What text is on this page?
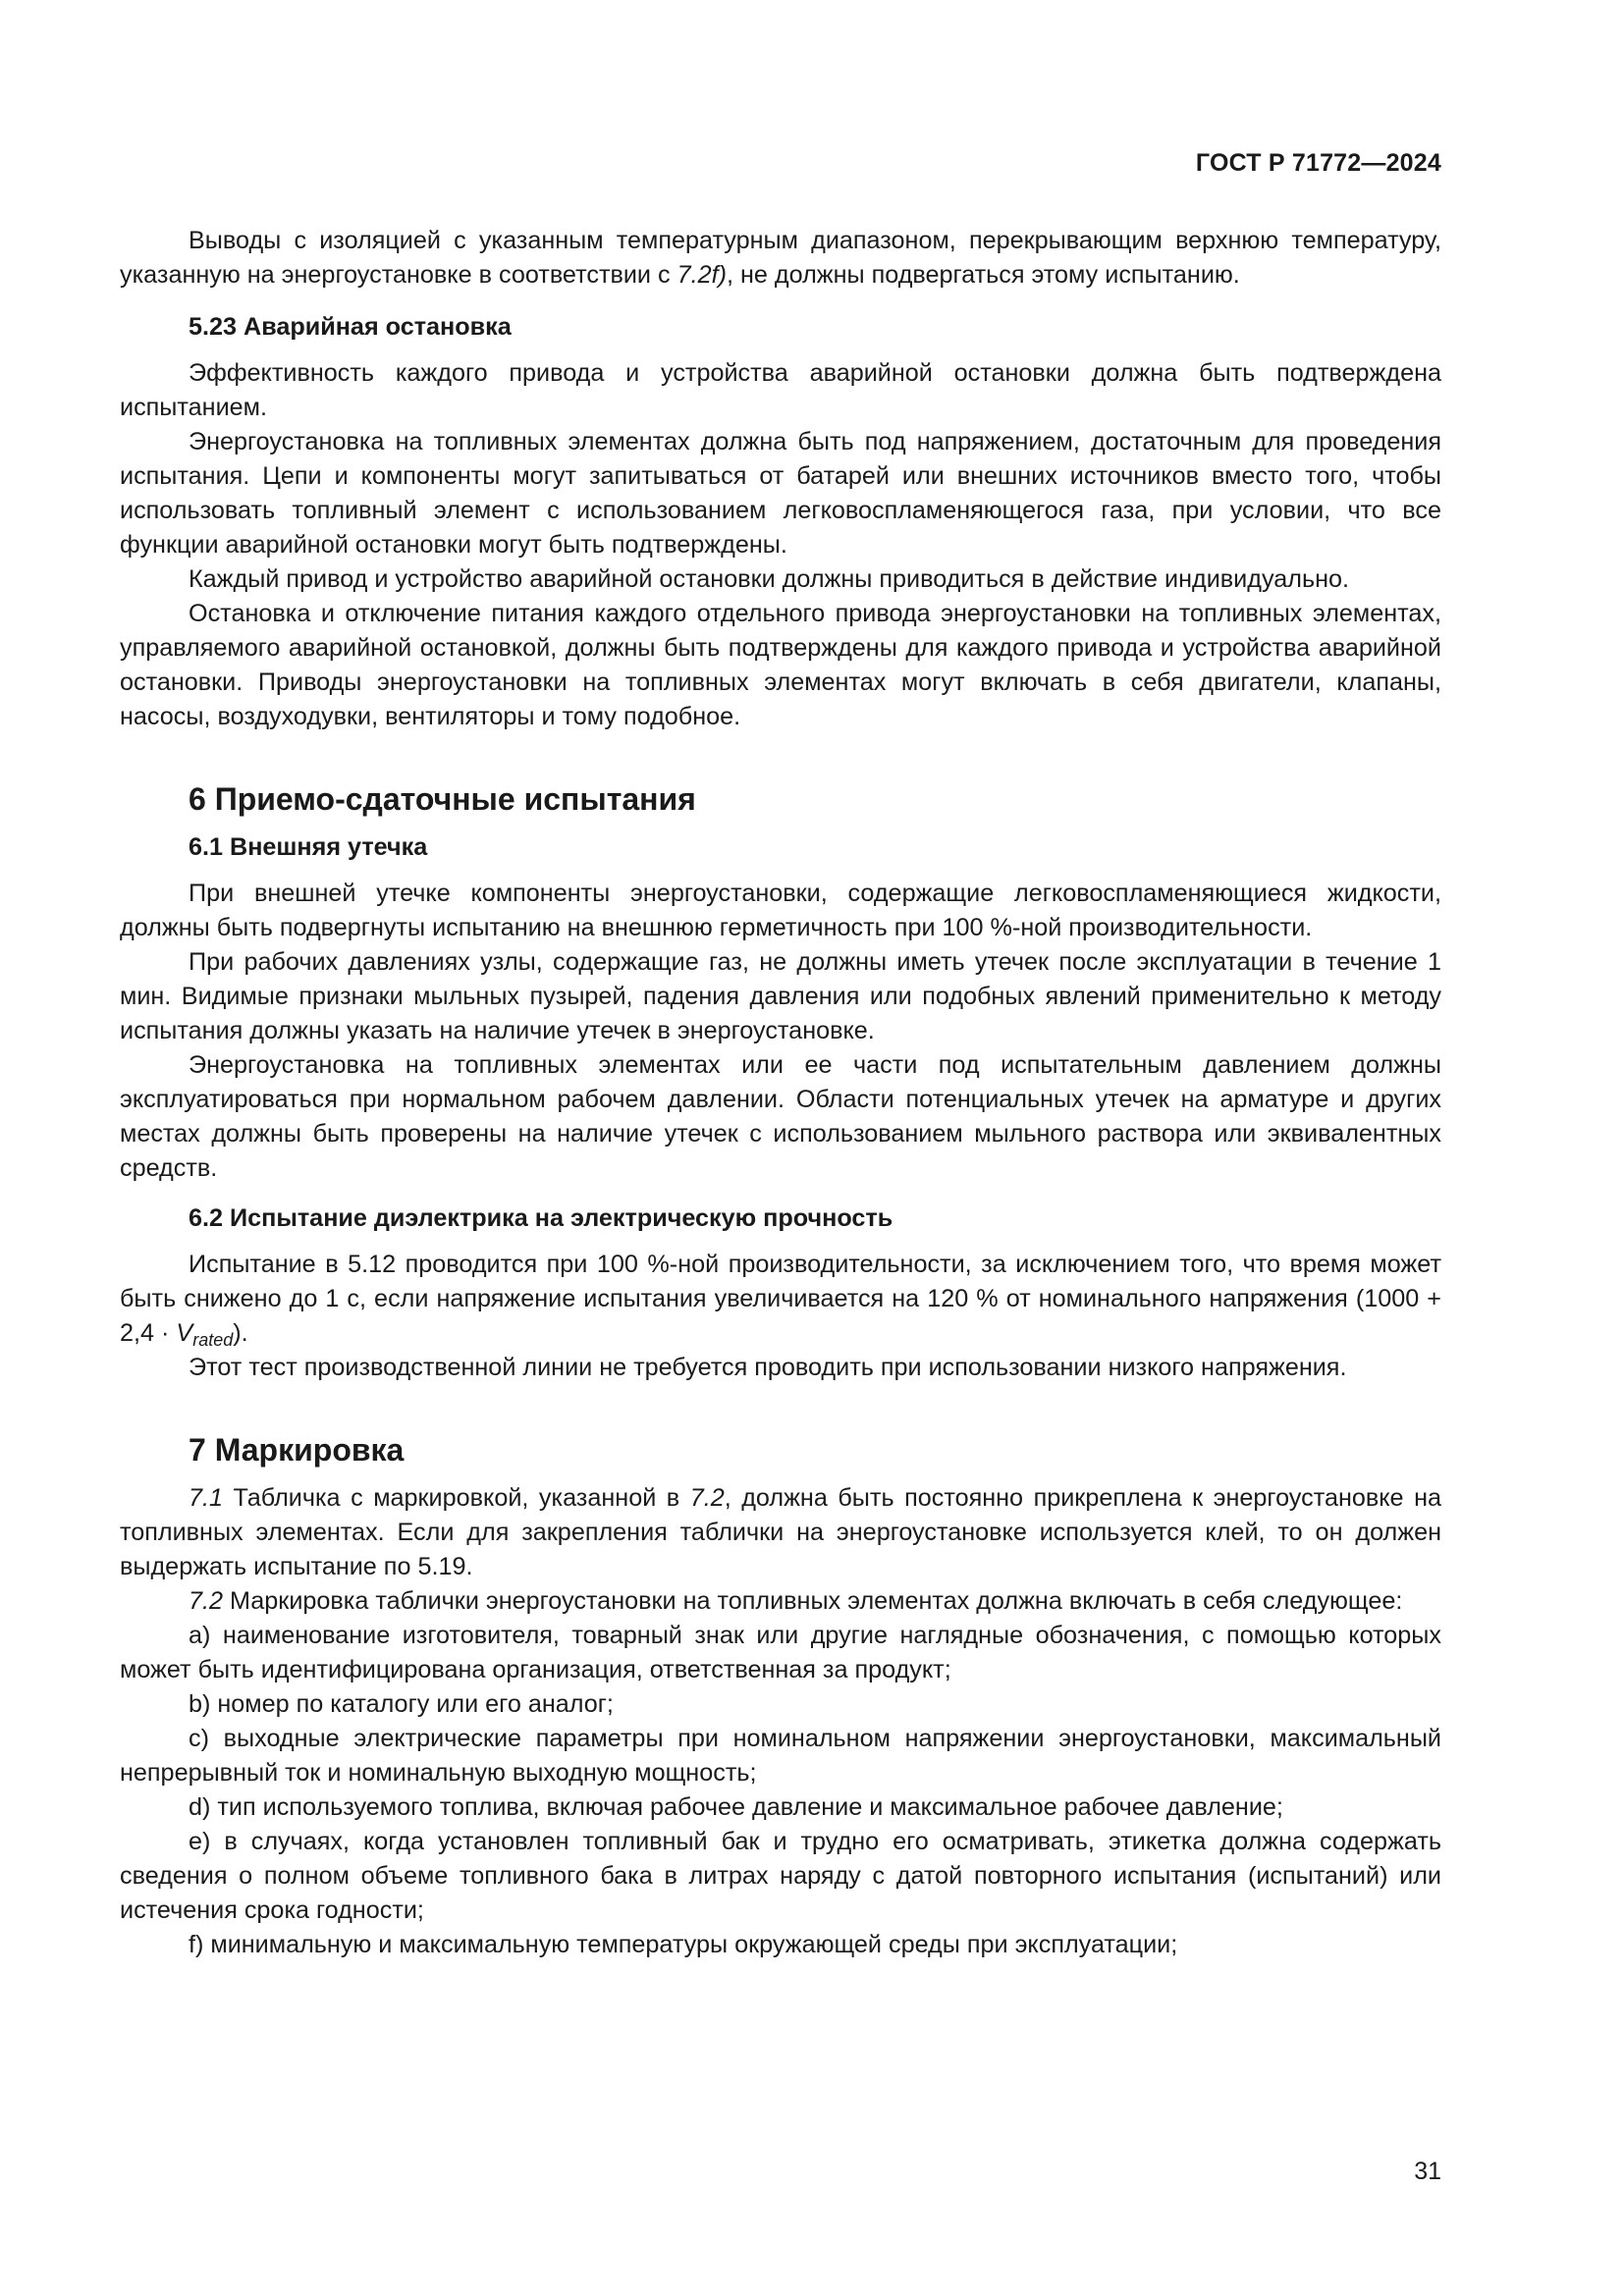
ГОСТ Р 71772—2024

Выводы с изоляцией с указанным температурным диапазоном, перекрывающим верхнюю температуру, указанную на энергоустановке в соответствии с 7.2f), не должны подвергаться этому испытанию.

5.23 Аварийная остановка

Эффективность каждого привода и устройства аварийной остановки должна быть подтверждена испытанием.

Энергоустановка на топливных элементах должна быть под напряжением, достаточным для проведения испытания. Цепи и компоненты могут запитываться от батарей или внешних источников вместо того, чтобы использовать топливный элемент с использованием легковоспламеняющегося газа, при условии, что все функции аварийной остановки могут быть подтверждены.

Каждый привод и устройство аварийной остановки должны приводиться в действие индивидуально.

Остановка и отключение питания каждого отдельного привода энергоустановки на топливных элементах, управляемого аварийной остановкой, должны быть подтверждены для каждого привода и устройства аварийной остановки. Приводы энергоустановки на топливных элементах могут включать в себя двигатели, клапаны, насосы, воздуходувки, вентиляторы и тому подобное.

6 Приемо-сдаточные испытания
6.1 Внешняя утечка

При внешней утечке компоненты энергоустановки, содержащие легковоспламеняющиеся жидкости, должны быть подвергнуты испытанию на внешнюю герметичность при 100 %-ной производительности.

При рабочих давлениях узлы, содержащие газ, не должны иметь утечек после эксплуатации в течение 1 мин. Видимые признаки мыльных пузырей, падения давления или подобных явлений применительно к методу испытания должны указать на наличие утечек в энергоустановке.

Энергоустановка на топливных элементах или ее части под испытательным давлением должны эксплуатироваться при нормальном рабочем давлении. Области потенциальных утечек на арматуре и других местах должны быть проверены на наличие утечек с использованием мыльного раствора или эквивалентных средств.

6.2 Испытание диэлектрика на электрическую прочность

Испытание в 5.12 проводится при 100 %-ной производительности, за исключением того, что время может быть снижено до 1 с, если напряжение испытания увеличивается на 120 % от номинального напряжения $(1000 + 2,4 \cdot V_{rated})$.

Этот тест производственной линии не требуется проводить при использовании низкого напряжения.

7 Маркировка

7.1 Табличка с маркировкой, указанной в 7.2, должна быть постоянно прикреплена к энергоустановке на топливных элементах. Если для закрепления таблички на энергоустановке используется клей, то он должен выдержать испытание по 5.19.

7.2 Маркировка таблички энергоустановки на топливных элементах должна включать в себя следующее:

a) наименование изготовителя, товарный знак или другие наглядные обозначения, с помощью которых может быть идентифицирована организация, ответственная за продукт;

b) номер по каталогу или его аналог;

c) выходные электрические параметры при номинальном напряжении энергоустановки, максимальный непрерывный ток и номинальную выходную мощность;

d) тип используемого топлива, включая рабочее давление и максимальное рабочее давление;

e) в случаях, когда установлен топливный бак и трудно его осматривать, этикетка должна содержать сведения о полном объеме топливного бака в литрах наряду с датой повторного испытания (испытаний) или истечения срока годности;

f) минимальную и максимальную температуры окружающей среды при эксплуатации;

31
